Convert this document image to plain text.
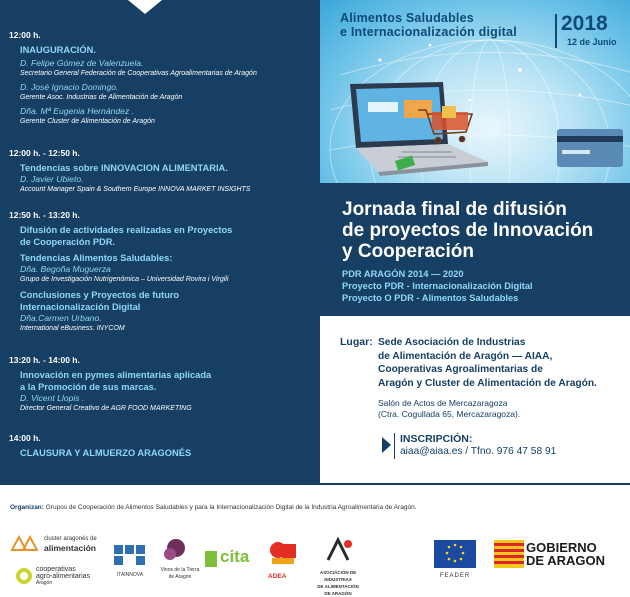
12:00 h.
INAUGURACIÓN.
D. Felipe Gómez de Valenzuela.
Secretario General Federación de Cooperativas Agroalimentarias de Aragón
D. José Ignacio Domingo.
Gerente Asoc. Industrias de Alimentación de Aragón
Dña. Mª Eugenia Hernández .
Gerente Cluster de Alimentación de Aragón
12:00 h. - 12:50 h.
Tendencias sobre INNOVACION ALIMENTARIA.
D. Javier Ubieto.
Account Manager Spain & Southern Europe INNOVA MARKET INSIGHTS
12:50 h. - 13:20 h.
Difusión de actividades realizadas en Proyectos
de Cooperación PDR.
Tendencias Alimentos Saludables:
Dña. Begoña Muguerza
Grupo de Investigación Nutrigenómica – Universidad Rovira i Virgili
Conclusiones y Proyectos de futuro
Internacionalización Digital
Dña.Carmen Urbano.
International eBusiness. INYCOM
13:20 h. - 14:00 h.
Innovación en pymes alimentarias aplicada
a la Promoción de sus marcas.
D. Vicent Llopis .
Director General Creativo de AGR FOOD MARKETING
14:00 h.
CLAUSURA Y ALMUERZO ARAGONÉS
Alimentos Saludables
e Internacionalización digital 2018
12 de Junio
Jornada final de difusión
de proyectos de Innovación
y Cooperación
PDR ARAGÓN 2014 — 2020
Proyecto PDR - Internacionalización Digital
Proyecto O PDR - Alimentos Saludables
Lugar: Sede Asociación de Industrias
de Alimentación de Aragón — AIAA,
Cooperativas Agroalimentarias de
Aragón y Cluster de Alimentación de Aragón.
Salón de Actos de Mercazaragoza
(Ctra. Cogullada 65, Mercazaragoza).
INSCRIPCIÓN:
aiaa@aiaa.es / Tfno. 976 47 58 91
Organizan: Grupos de Cooperación de Alimentos Saludables y para la Internacionalización Digital de la Industria Agroalimentaria de Aragón.
cluster aragonés de
alimentación
cooperativas
agro-alimentarias
Aragón
ITAINNOVA
Vinos de la Tierra
de Aragón
cita
ADEA
ASOCIACIÓN DE INDUSTRIAS
DE ALIMENTACIÓN
DE ARAGÓN
FEADER
GOBIERNO
DE ARAGON
